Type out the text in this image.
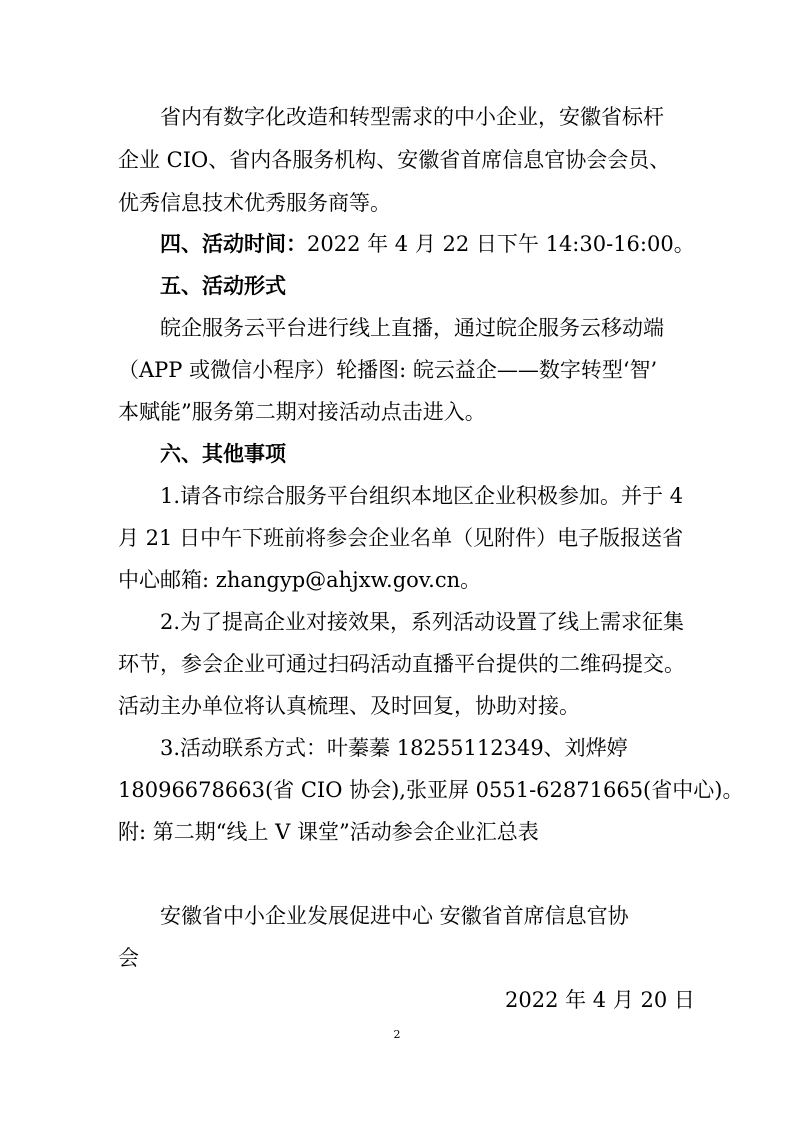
省内有数字化改造和转型需求的中小企业，安徽省标杆
企业 CIO、省内各服务机构、安徽省首席信息官协会会员、
优秀信息技术优秀服务商等。
四、活动时间：2022 年 4 月 22 日下午 14:30-16:00。
五、活动形式
皖企服务云平台进行线上直播，通过皖企服务云移动端
（APP 或微信小程序）轮播图: 皖云益企——数字转型‘智’
本赋能”服务第二期对接活动点击进入。
六、其他事项
1.请各市综合服务平台组织本地区企业积极参加。并于 4
月 21 日中午下班前将参会企业名单（见附件）电子版报送省
中心邮箱: zhangyp@ahjxw.gov.cn。
2.为了提高企业对接效果，系列活动设置了线上需求征集
环节，参会企业可通过扫码活动直播平台提供的二维码提交。
活动主办单位将认真梳理、及时回复，协助对接。
3.活动联系方式：叶蓁蓁 18255112349、刘烨婷
18096678663(省 CIO 协会),张亚屏 0551-62871665(省中心)。
附: 第二期“线上 V 课堂”活动参会企业汇总表
安徽省中小企业发展促进中心 安徽省首席信息官协
会
2022 年 4 月 20 日
2
